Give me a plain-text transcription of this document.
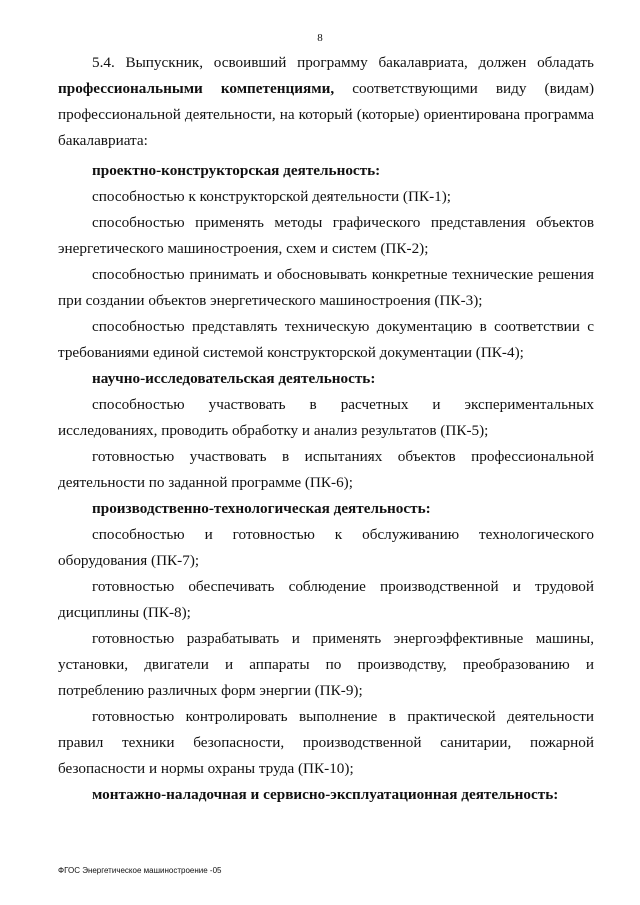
8

5.4. Выпускник, освоивший программу бакалавриата, должен обладать профессиональными компетенциями, соответствующими виду (видам) профессиональной деятельности, на который (которые) ориентирована программа бакалавриата:

проектно-конструкторская деятельность:

способностью к конструкторской деятельности (ПК-1);

способностью применять методы графического представления объектов энергетического машиностроения, схем и систем (ПК-2);

способностью принимать и обосновывать конкретные технические решения при создании объектов энергетического машиностроения (ПК-3);

способностью представлять техническую документацию в соответствии с требованиями единой системой конструкторской документации (ПК-4);

научно-исследовательская деятельность:

способностью участвовать в расчетных и экспериментальных исследованиях, проводить обработку и анализ результатов (ПК-5);

готовностью участвовать в испытаниях объектов профессиональной деятельности по заданной программе (ПК-6);

производственно-технологическая деятельность:

способностью и готовностью к обслуживанию технологического оборудования (ПК-7);

готовностью обеспечивать соблюдение производственной и трудовой дисциплины (ПК-8);

готовностью разрабатывать и применять энергоэффективные машины, установки, двигатели и аппараты по производству, преобразованию и потреблению различных форм энергии (ПК-9);

готовностью контролировать выполнение в практической деятельности правил техники безопасности, производственной санитарии, пожарной безопасности и нормы охраны труда (ПК-10);

монтажно-наладочная и сервисно-эксплуатационная деятельность:

ФГОС Энергетическое машиностроение -05
